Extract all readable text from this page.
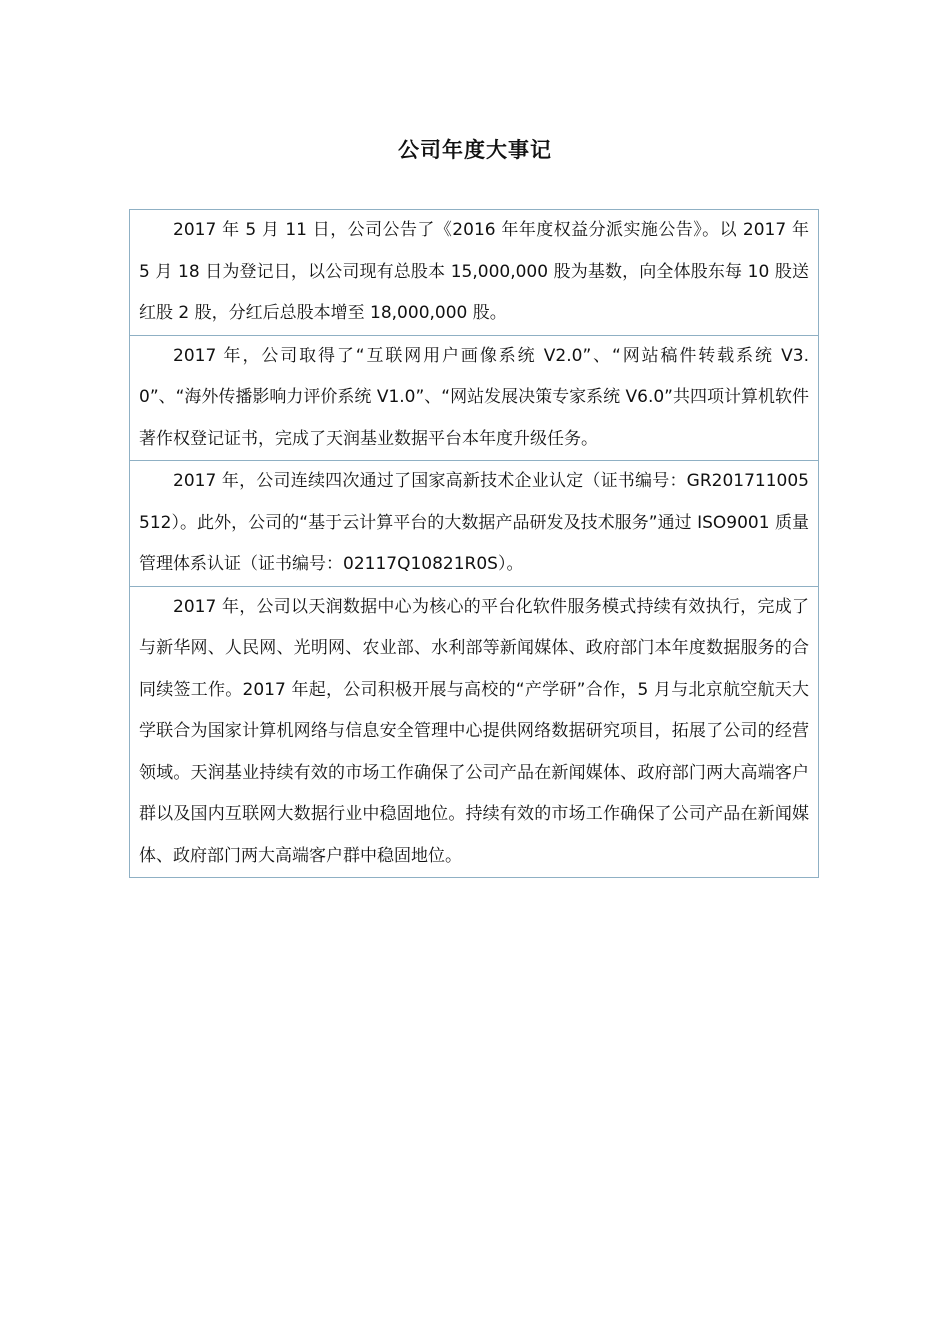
公司年度大事记

2017 年 5 月 11 日，公司公告了《2016 年年度权益分派实施公告》。以 2017 年 5 月 18 日为登记日，以公司现有总股本 15,000,000 股为基数，向全体股东每 10 股送红股 2 股，分红后总股本增至 18,000,000 股。

2017 年，公司取得了“互联网用户画像系统 V2.0”、“网站稿件转载系统 V3.0”、“海外传播影响力评价系统 V1.0”、“网站发展决策专家系统 V6.0”共四项计算机软件著作权登记证书，完成了天润基业数据平台本年度升级任务。

2017 年，公司连续四次通过了国家高新技术企业认定（证书编号：GR201711005512）。此外，公司的“基于云计算平台的大数据产品研发及技术服务”通过 ISO9001 质量管理体系认证（证书编号：02117Q10821R0S）。

2017 年，公司以天润数据中心为核心的平台化软件服务模式持续有效执行，完成了与新华网、人民网、光明网、农业部、水利部等新闻媒体、政府部门本年度数据服务的合同续签工作。2017 年起，公司积极开展与高校的“产学研”合作，5 月与北京航空航天大学联合为国家计算机网络与信息安全管理中心提供网络数据研究项目，拓展了公司的经营领域。天润基业持续有效的市场工作确保了公司产品在新闻媒体、政府部门两大高端客户群以及国内互联网大数据行业中稳固地位。持续有效的市场工作确保了公司产品在新闻媒体、政府部门两大高端客户群中稳固地位。
